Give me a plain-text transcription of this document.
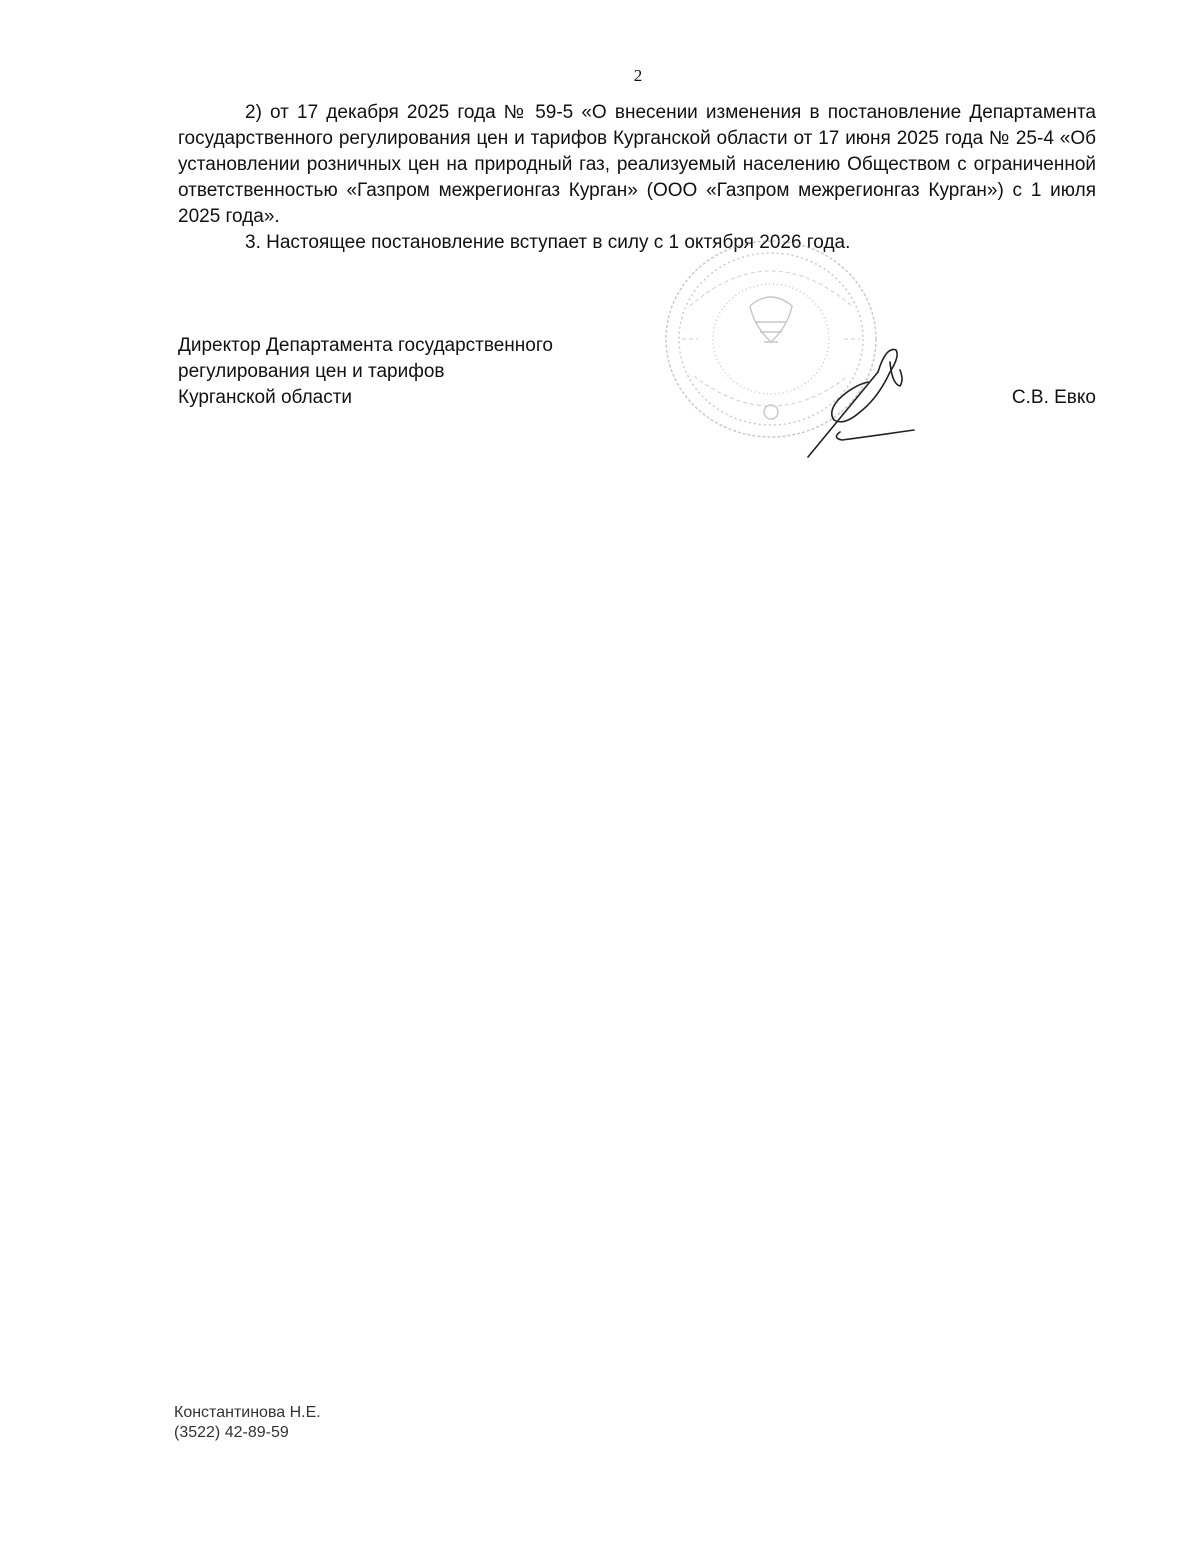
2

2) от 17 декабря 2025 года № 59-5 «О внесении изменения в постановление Департамента государственного регулирования цен и тарифов Курганской области от 17 июня 2025 года № 25-4 «Об установлении розничных цен на природный газ, реализуемый населению Обществом с ограниченной ответственностью «Газпром межрегионгаз Курган» (ООО «Газпром межрегионгаз Курган») с 1 июля 2025 года».

3. Настоящее постановление вступает в силу с 1 октября 2026 года.

Директор Департамента государственного
регулирования цен и тарифов
Курганской области	С.В. Евко
Константинова Н.Е.
(3522) 42-89-59
